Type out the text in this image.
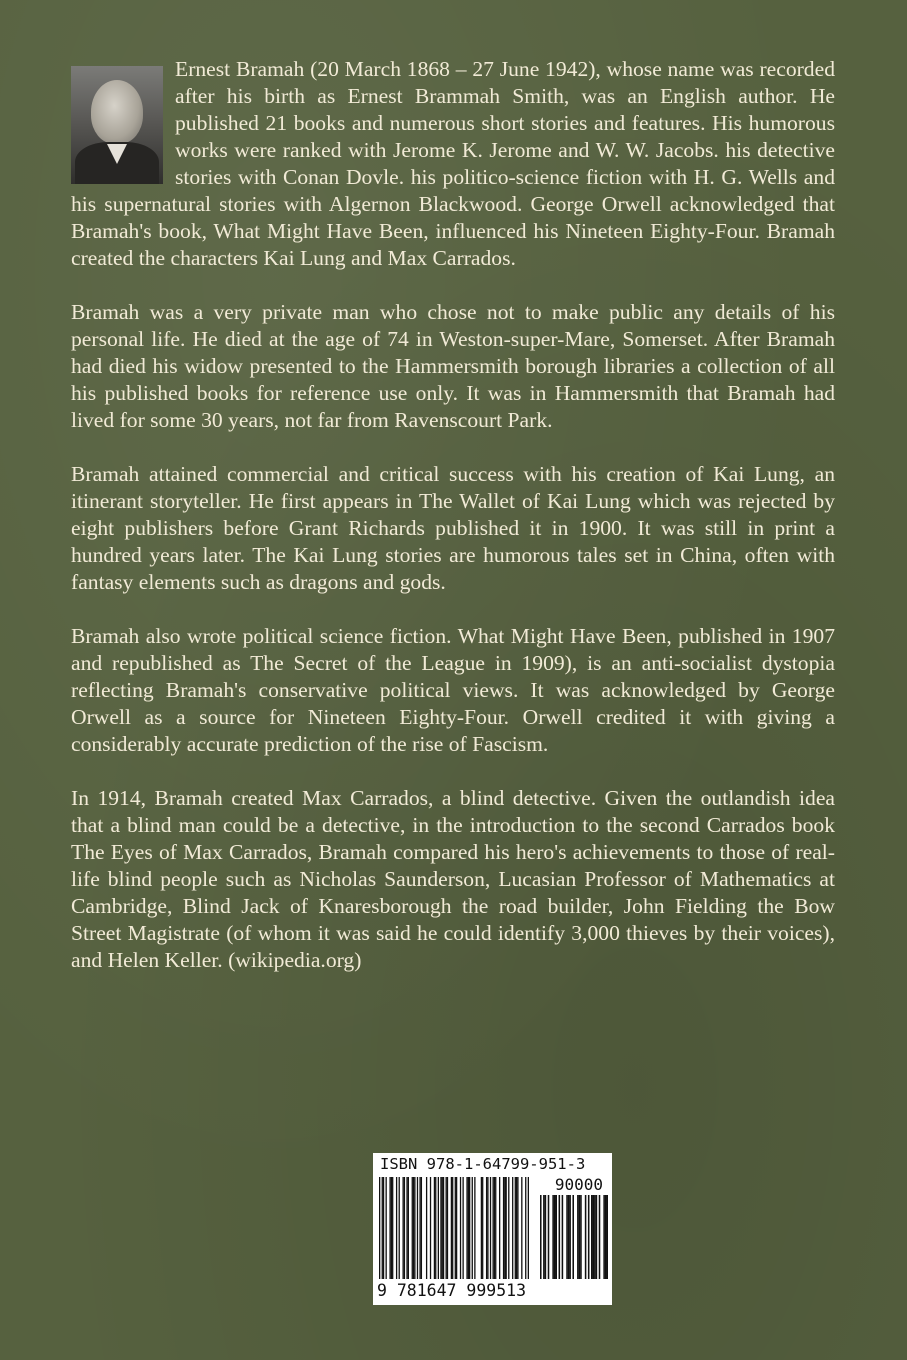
Ernest Bramah (20 March 1868 – 27 June 1942), whose name was recorded after his birth as Ernest Brammah Smith, was an English author. He published 21 books and numerous short stories and features. His humorous works were ranked with Jerome K. Jerome and W. W. Jacobs. his detective stories with Conan Dovle. his politico-science fiction with H. G. Wells and his supernatural stories with Algernon Blackwood. George Orwell acknowledged that Bramah's book, What Might Have Been, influenced his Nineteen Eighty-Four. Bramah created the characters Kai Lung and Max Carrados.

Bramah was a very private man who chose not to make public any details of his personal life. He died at the age of 74 in Weston-super-Mare, Somerset. After Bramah had died his widow presented to the Hammersmith borough libraries a collection of all his published books for reference use only. It was in Hammersmith that Bramah had lived for some 30 years, not far from Ravenscourt Park.

Bramah attained commercial and critical success with his creation of Kai Lung, an itinerant storyteller. He first appears in The Wallet of Kai Lung which was rejected by eight publishers before Grant Richards published it in 1900. It was still in print a hundred years later. The Kai Lung stories are humorous tales set in China, often with fantasy elements such as dragons and gods.

Bramah also wrote political science fiction. What Might Have Been, published in 1907 and republished as The Secret of the League in 1909), is an anti-socialist dystopia reflecting Bramah's conservative political views. It was acknowledged by George Orwell as a source for Nineteen Eighty-Four. Orwell credited it with giving a considerably accurate prediction of the rise of Fascism.

In 1914, Bramah created Max Carrados, a blind detective. Given the outlandish idea that a blind man could be a detective, in the introduction to the second Carrados book The Eyes of Max Carrados, Bramah compared his hero's achievements to those of real-life blind people such as Nicholas Saunderson, Lucasian Professor of Mathematics at Cambridge, Blind Jack of Knaresborough the road builder, John Fielding the Bow Street Magistrate (of whom it was said he could identify 3,000 thieves by their voices), and Helen Keller. (wikipedia.org)

ISBN 978-1-64799-951-3
90000
9 781647 999513
